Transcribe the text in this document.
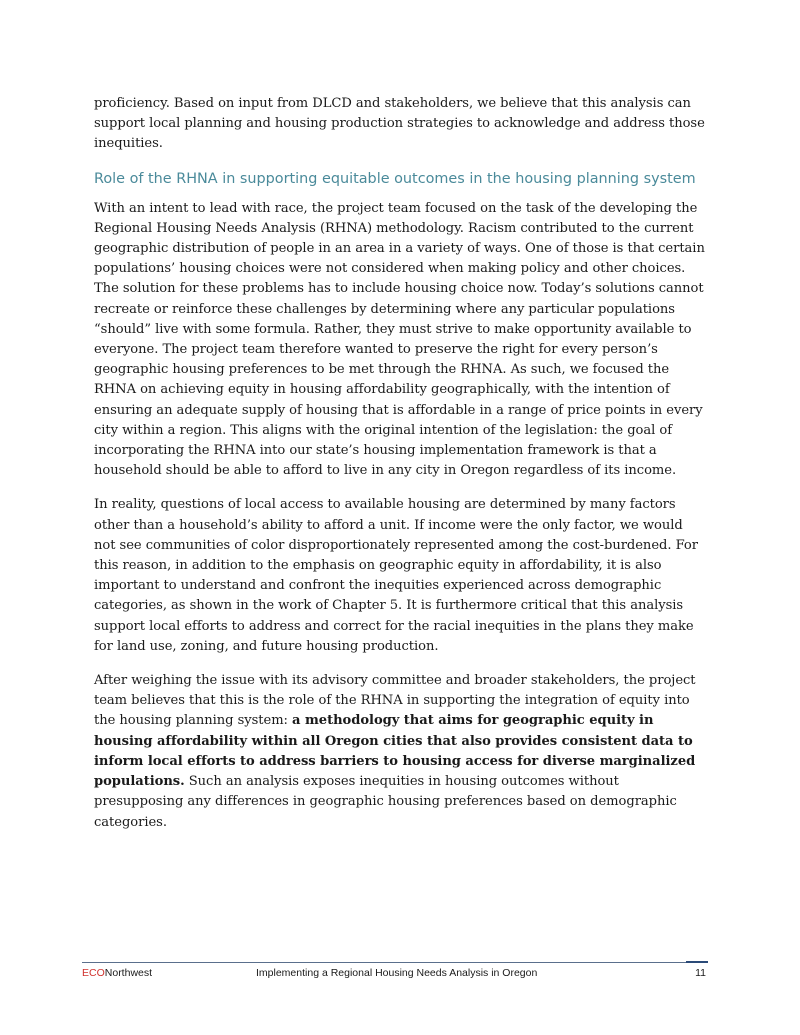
proficiency. Based on input from DLCD and stakeholders, we believe that this analysis can support local planning and housing production strategies to acknowledge and address those inequities.

Role of the RHNA in supporting equitable outcomes in the housing planning system

With an intent to lead with race, the project team focused on the task of the developing the Regional Housing Needs Analysis (RHNA) methodology. Racism contributed to the current geographic distribution of people in an area in a variety of ways. One of those is that certain populations’ housing choices were not considered when making policy and other choices. The solution for these problems has to include housing choice now. Today’s solutions cannot recreate or reinforce these challenges by determining where any particular populations “should” live with some formula. Rather, they must strive to make opportunity available to everyone. The project team therefore wanted to preserve the right for every person’s geographic housing preferences to be met through the RHNA. As such, we focused the RHNA on achieving equity in housing affordability geographically, with the intention of ensuring an adequate supply of housing that is affordable in a range of price points in every city within a region. This aligns with the original intention of the legislation: the goal of incorporating the RHNA into our state’s housing implementation framework is that a household should be able to afford to live in any city in Oregon regardless of its income.

In reality, questions of local access to available housing are determined by many factors other than a household’s ability to afford a unit. If income were the only factor, we would not see communities of color disproportionately represented among the cost-burdened. For this reason, in addition to the emphasis on geographic equity in affordability, it is also important to understand and confront the inequities experienced across demographic categories, as shown in the work of Chapter 5. It is furthermore critical that this analysis support local efforts to address and correct for the racial inequities in the plans they make for land use, zoning, and future housing production.

After weighing the issue with its advisory committee and broader stakeholders, the project team believes that this is the role of the RHNA in supporting the integration of equity into the housing planning system: a methodology that aims for geographic equity in housing affordability within all Oregon cities that also provides consistent data to inform local efforts to address barriers to housing access for diverse marginalized populations. Such an analysis exposes inequities in housing outcomes without presupposing any differences in geographic housing preferences based on demographic categories.

ECONorthwest	Implementing a Regional Housing Needs Analysis in Oregon	11
